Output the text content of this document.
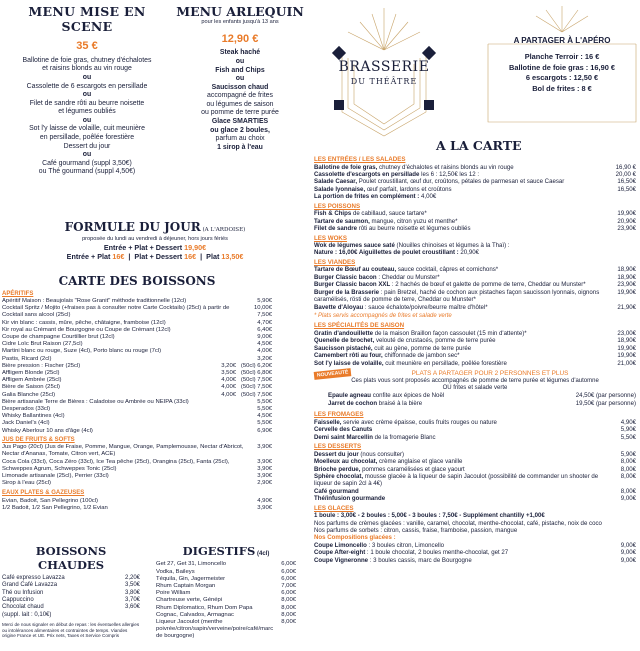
MENU MISE EN SCENE
35 €
Ballotine de foie gras, chutney d'échalotes
et raisins blonds au vin rouge
ou
Cassolette de 6 escargots en persillade
ou
Filet de sandre rôti au beurre noisette
et légumes oubliés
ou
Sot l'y laisse de volaille, cuit meunière
en persillade, poêlée forestière
Dessert du jour
ou
Café gourmand (suppl 3,50€)
ou Thé gourmand (suppl 4,50€)
MENU ARLEQUIN
pour les enfants jusqu'à 13 ans
12,90 €
Steak haché
ou
Fish and Chips
ou
Saucisson chaud
accompagné de frites
ou légumes de saison
ou pomme de terre purée
Glace SMARTIES
ou glace 2 boules,
parfum au choix
1 sirop à l'eau
BRASSERIE
DU THÉÂTRE
A PARTAGER À L'APÉRO
Planche Terroir : 16 €
Ballotine de foie gras : 16,90 €
6 escargots : 12,50 €
Bol de frites : 8 €
A LA CARTE
FORMULE DU JOUR (A L'ARDOISE)
proposée du lundi au vendredi à déjeuner, hors jours fériés
Entrée + Plat + Dessert 19,90€
Entrée + Plat 16€  |  Plat + Dessert 16€  |  Plat 13,50€
CARTE DES BOISSONS
APÉRITIFS
Apéritif Maison : Beaujolais "Rose Granit" méthode traditionnelle (12cl)	5,90€
Cocktail Spritz / Mojito (+fraises pas à consulter notre Carte Cocktails) (25cl) à partir de	10,00€
Cocktail sans alcool (25cl)	7,50€
Kir vin blanc : cassis, mûre, pêche, châtaigne, framboise (12cl)	4,70€
Kir royal au Crémant de Bourgogne ou Coupe de Crémant (12cl)	6,40€
Coupe de champagne Courtillier brut (12cl)	9,00€
Cidre Loïc Brut Raison (27,5cl)	4,50€
Martini blanc ou rouge, Suze (4cl), Porto blanc ou rouge (7cl)	4,00€
Pastis, Ricard (2cl)	3,20€
Bière pression : Fischer (25cl)	3,20€ (50cl) 6,20€
Affligem Blonde (25cl)	3,50€ (50cl) 6,80€
Affligem Ambrée (25cl)	4,00€ (50cl) 7,50€
Bière de Saison (25cl)	4,00€ (50cl) 7,50€
Galia Blanche (25cl)	4,00€ (50cl) 7,50€
Bière artisanale Terre de Bières : Caladoise ou Ambrée ou NEIPA (33cl)	5,50€
Desperados (33cl)	5,50€
Whisky Ballantines (4cl)	4,50€
Jack Daniel's (4cl)	5,50€
Whisky Aberlour 10 ans d'âge (4cl)	6,90€
JUS DE FRUITS & SOFTS
Jus Pago (20cl) (Jus de Fraise, Pomme, Mangue, Orange, Pamplemousse, Nectar d'Abricot, Nectar d'Ananas, Tomate, Citron vert, ACE)
3,90€
Coca Cola (33cl), Coca Zéro (33cl), Ice Tea pêche (25cl), Orangina (25cl), Fanta (25cl),	3,90€
Schweppes Agrum, Schweppes Tonic (25cl)	3,90€
Limonade artisanale (25cl), Perrier (33cl)	3,90€
Sirop à l'eau (25cl)	2,90€
EAUX PLATES & GAZEUSES
Evian, Badoit, San Pellegrino (100cl)	4,90€
1/2 Badoit, 1/2 San Pellegrino, 1/2 Evian	3,90€
BOISSONS CHAUDES
Café expresso Lavazza	2,20€
Grand Café Lavazza	3,50€
Thé ou Infusion	3,80€
Cappuccino	3,70€
Chocolat chaud	3,60€
(suppl. lait : 0,10€)
Merci de nous signaler en début de repas : les éventuelles allergies ou intolérances alimentaires et contraintes de temps. Viandes origine France et UE. Prix nets, Taxes et Service Compris
DIGESTIFS (4cl)
Get 27, Get 31, Limoncello	6,00€
Vodka, Baileys	6,00€
Téquila, Gin, Jagermeister	6,00€
Rhum Captain Morgan	7,00€
Poire William	6,00€
Chartreuse verte, Génépi	8,00€
Rhum Diplomatico, Rhum Dom Papa	8,00€
Cognac, Calvados, Armagnac	8,00€
Liqueur Jacoulot (menthe poivrée/citron/sapin/verveine/poire/café/marc de bourgogne)
8,00€
LES ENTRÉES / LES SALADES
Ballotine de foie gras, chutney d'échalotes et raisins blonds au vin rouge	16,90 €
Cassolette d'escargots en persillade les 6 : 12,50€ les 12 :	20,00 €
Salade Caesar, Poulet croustillant, œuf dur, croûtons, pétales de parmesan et sauce Caesar	16,50€
Salade lyonnaise, œuf parfait, lardons et croûtons	16,50€
La portion de frites en complément : 4,00€
LES POISSONS
Fish & Chips de cabillaud, sauce tartare*	19,90€
Tartare de saumon, mangue, citron yuzu et menthe*	20,90€
Filet de sandre rôti au beurre noisette et légumes oubliés	23,90€
LES WOKS
Wok de légumes sauce saté (Nouilles chinoises et légumes à la Thaï) :
Nature : 16,00€ Aiguillettes de poulet croustillant : 20,90€
LES VIANDES
Tartare de Bœuf au couteau, sauce cocktail, câpres et cornichons*	18,90€
Burger Classic bacon : Cheddar ou Munster*	18,90€
Burger Classic bacon XXL : 2 hachés de bœuf et galette de pomme de terre, Cheddar ou Munster*	23,90€
Burger de la Brasserie : pain Bretzel, haché de cochon aux pistaches façon saucisson lyonnais, oignons caramélisés, rösti de pomme de terre, Cheddar ou Munster*
19,90€
Bavette d'Aloyau : sauce échalote/poivre/beurre maître d'hôtel*	21,90€
* Plats servis accompagnés de frites et salade verte
LES SPÉCIALITÉS DE SAISON
Gratin d'andouillette de la maison Braillon façon cassoulet (15 min d'attente)*	23,00€
Quenelle de brochet, velouté de crustacés, pomme de terre purée	18,90€
Saucisson pistaché, cuit au gène, pomme de terre purée	19,90€
Camembert rôti au four, chiffonnade de jambon sec*	19,90€
Sot l'y laisse de volaille, cuit meunière en persillade, poêlée forestière	21,00€
NOUVEAUTÉ	PLATS A PARTAGER POUR 2 PERSONNES ET PLUS
Ces plats vous sont proposés accompagnés de pomme de terre purée et légumes d'automne OU frites et salade verte
Epaule agneau confite aux épices de Noël	24,50€ (par personne)
Jarret de cochon braisé à la bière	19,50€ (par personne)
LES FROMAGES
Faisselle, servie avec crème épaisse, coulis fruits rouges ou nature	4,90€
Cervelle des Canuts	5,90€
Demi saint Marcellin de la fromagerie Blanc	5,50€
LES DESSERTS
Dessert du jour (nous consulter)	5,90€
Moelleux au chocolat, crème anglaise et glace vanille	8,00€
Brioche perdue, pommes caramélisées et glace yaourt	8,00€
Sphère chocolat, mousse glacée à la liqueur de sapin Jacoulot (possibilité de commander un shooter de liqueur de sapin 2cl à 4€)
8,00€
Café gourmand	8,00€
Thé/infusion gourmande	9,00€
LES GLACES
1 boule : 3,00€ - 2 boules : 5,00€ - 3 boules : 7,50€ - Supplément chantilly +1,00€
Nos parfums de crèmes glacées : vanille, caramel, chocolat, menthe-chocolat, café, pistache, noix de coco
Nos parfums de sorbets : citron, cassis, fraise, framboise, passion, mangue
Nos Compositions glacées :
Coupe Limoncello : 3 boules citron, Limoncello	9,00€
Coupe After-eight : 1 boule chocolat, 2 boules menthe-chocolat, get 27	9,00€
Coupe Vigneronne : 3 boules cassis, marc de Bourgogne	9,00€
